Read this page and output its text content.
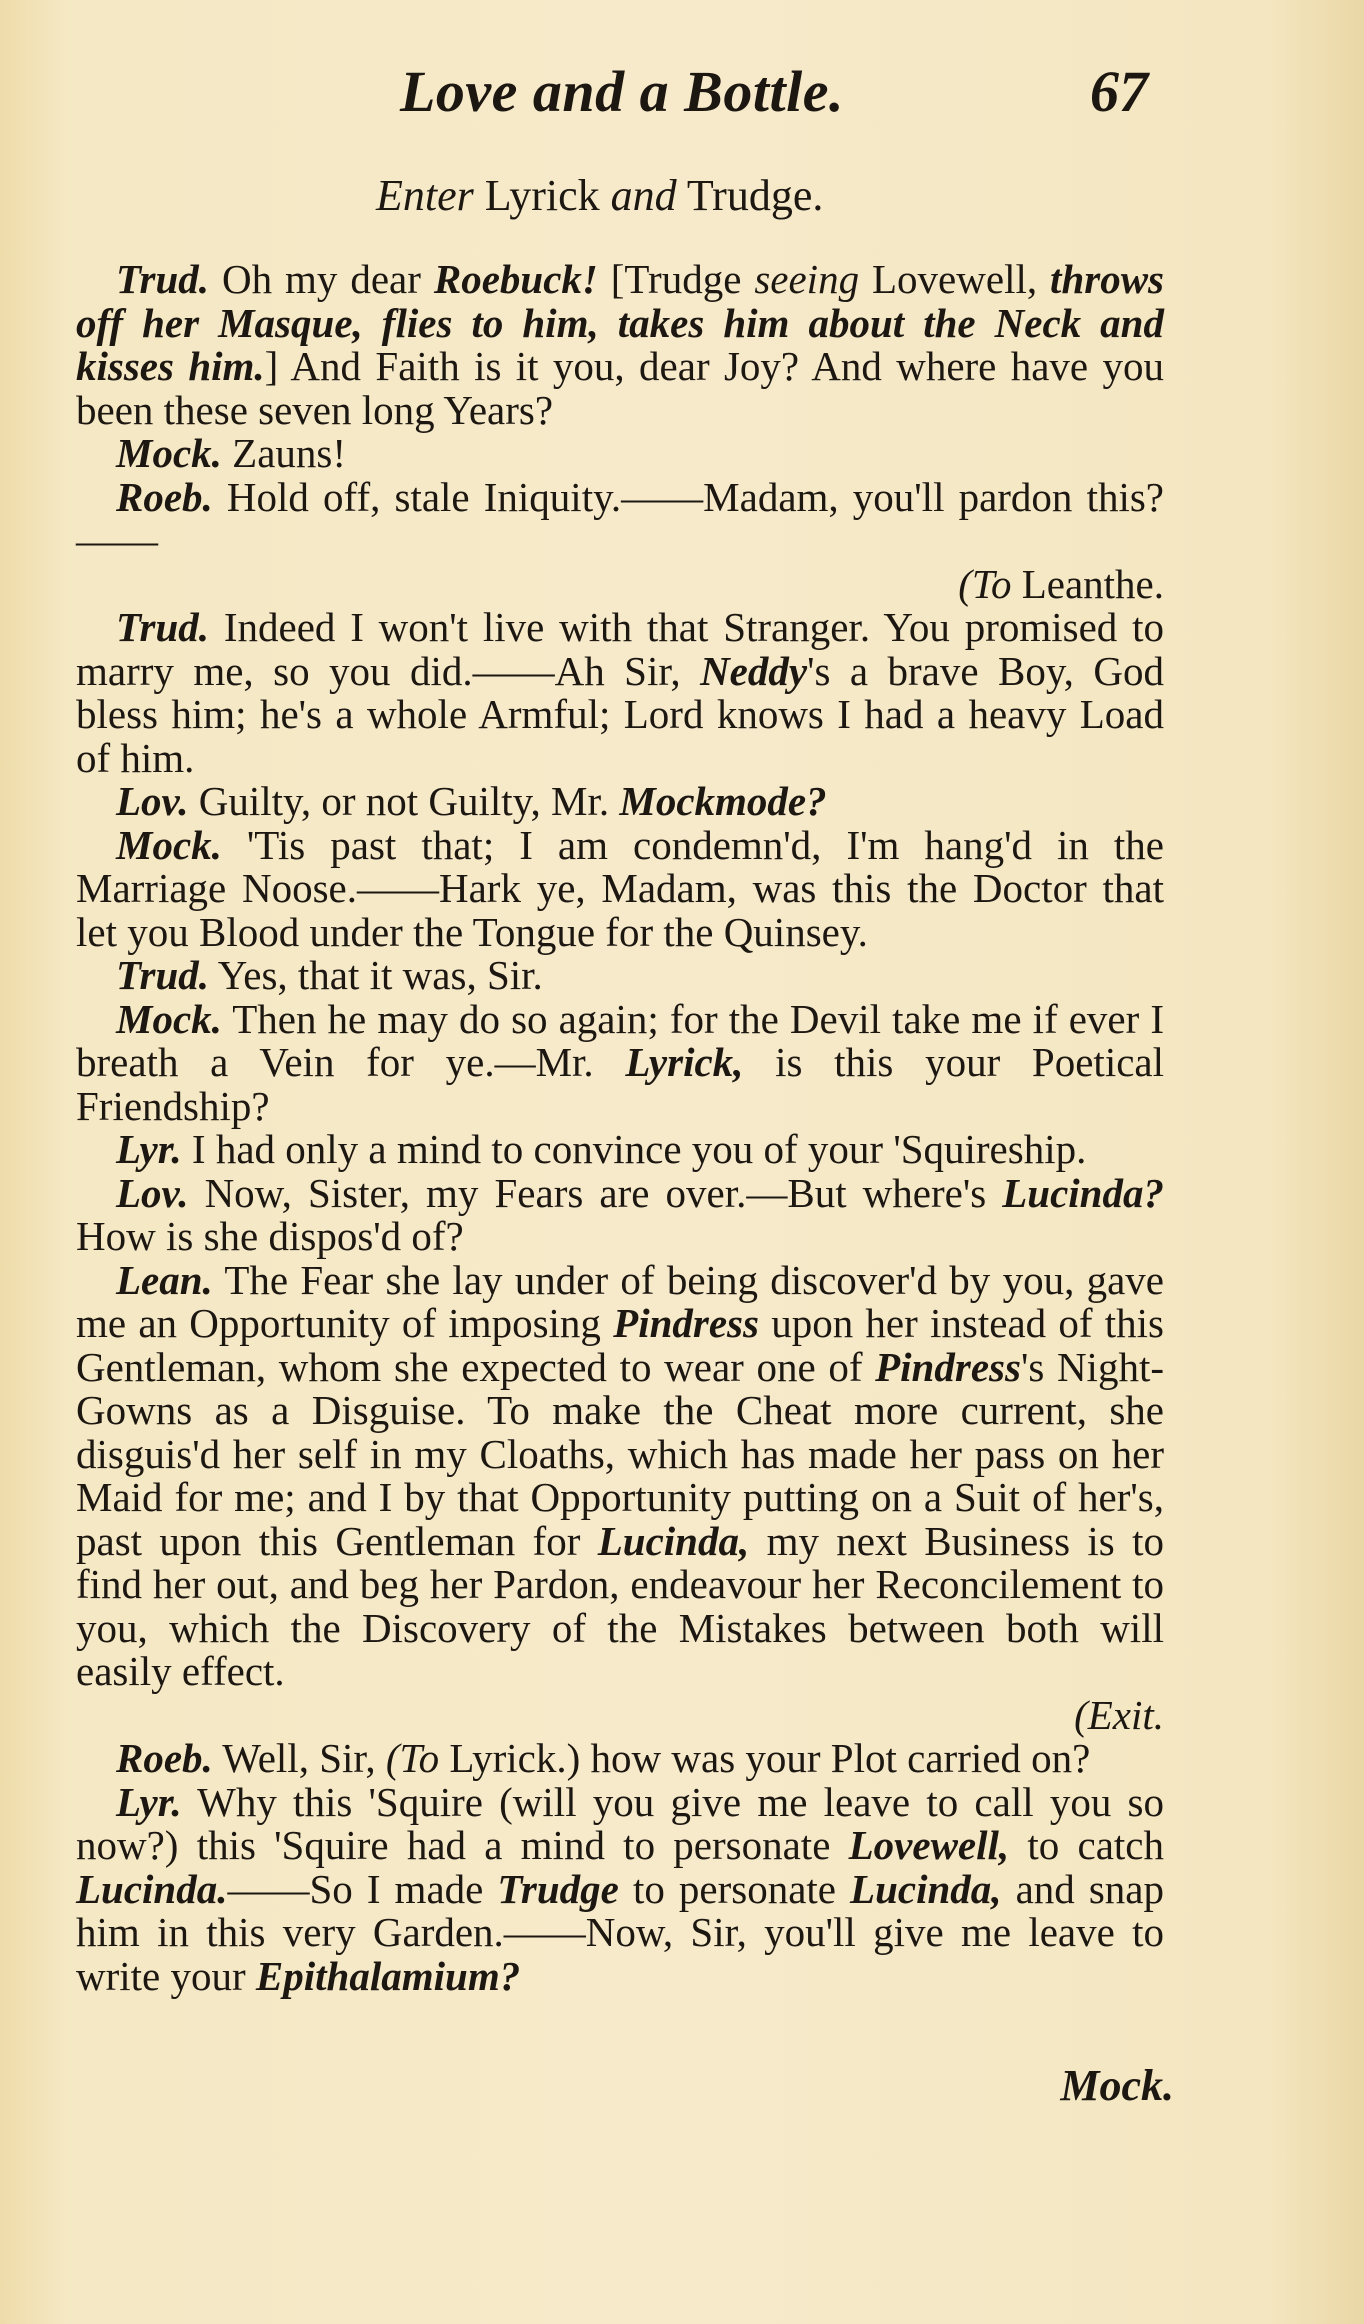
Love and a Bottle.	67
Enter Lyrick and Trudge.

Trud. Oh my dear Roebuck! [Trudge seeing Lovewell, throws off her Masque, flies to him, takes him about the Neck and kisses him.] And Faith is it you, dear Joy? And where have you been these seven long Years?

Mock. Zauns!

Roeb. Hold off, stale Iniquity.——Madam, you'll pardon this?——

(To Leanthe.

Trud. Indeed I won't live with that Stranger. You promised to marry me, so you did.——Ah Sir, Neddy's a brave Boy, God bless him; he's a whole Armful; Lord knows I had a heavy Load of him.

Lov. Guilty, or not Guilty, Mr. Mockmode?

Mock. 'Tis past that; I am condemn'd, I'm hang'd in the Marriage Noose.——Hark ye, Madam, was this the Doctor that let you Blood under the Tongue for the Quinsey.

Trud. Yes, that it was, Sir.

Mock. Then he may do so again; for the Devil take me if ever I breath a Vein for ye.—Mr. Lyrick, is this your Poetical Friendship?

Lyr. I had only a mind to convince you of your 'Squireship.

Lov. Now, Sister, my Fears are over.—But where's Lucinda? How is she dispos'd of?

Lean. The Fear she lay under of being discover'd by you, gave me an Opportunity of imposing Pindress upon her instead of this Gentleman, whom she expected to wear one of Pindress's Night-Gowns as a Disguise. To make the Cheat more current, she disguis'd her self in my Cloaths, which has made her pass on her Maid for me; and I by that Opportunity putting on a Suit of her's, past upon this Gentleman for Lucinda, my next Business is to find her out, and beg her Pardon, endeavour her Reconcilement to you, which the Discovery of the Mistakes between both will easily effect.

(Exit.

Roeb. Well, Sir, (To Lyrick.) how was your Plot carried on?

Lyr. Why this 'Squire (will you give me leave to call you so now?) this 'Squire had a mind to personate Lovewell, to catch Lucinda.——So I made Trudge to personate Lucinda, and snap him in this very Garden.——Now, Sir, you'll give me leave to write your Epithalamium?

Mock.
